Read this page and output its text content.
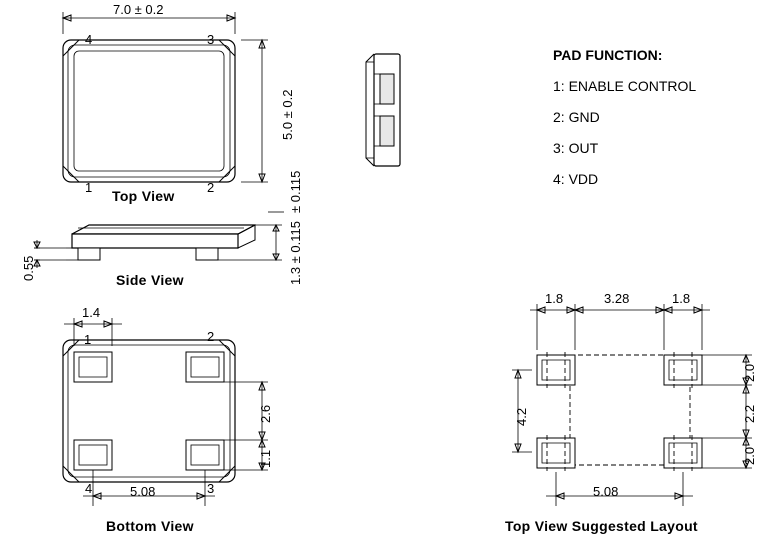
7.0 ± 0.2
5.0 ± 0.2
4	3
1	2
Top View
0.55	1.3 ± 0.115
± 0.115
Side View
1.4
1	2
4	3
2.6
1.1
5.08
Bottom View
1.8	3.28	1.8
4.2
2.0
2.2
2.0
5.08
Top View Suggested Layout
PAD FUNCTION:
1: ENABLE CONTROL
2: GND
3: OUT
4: VDD
